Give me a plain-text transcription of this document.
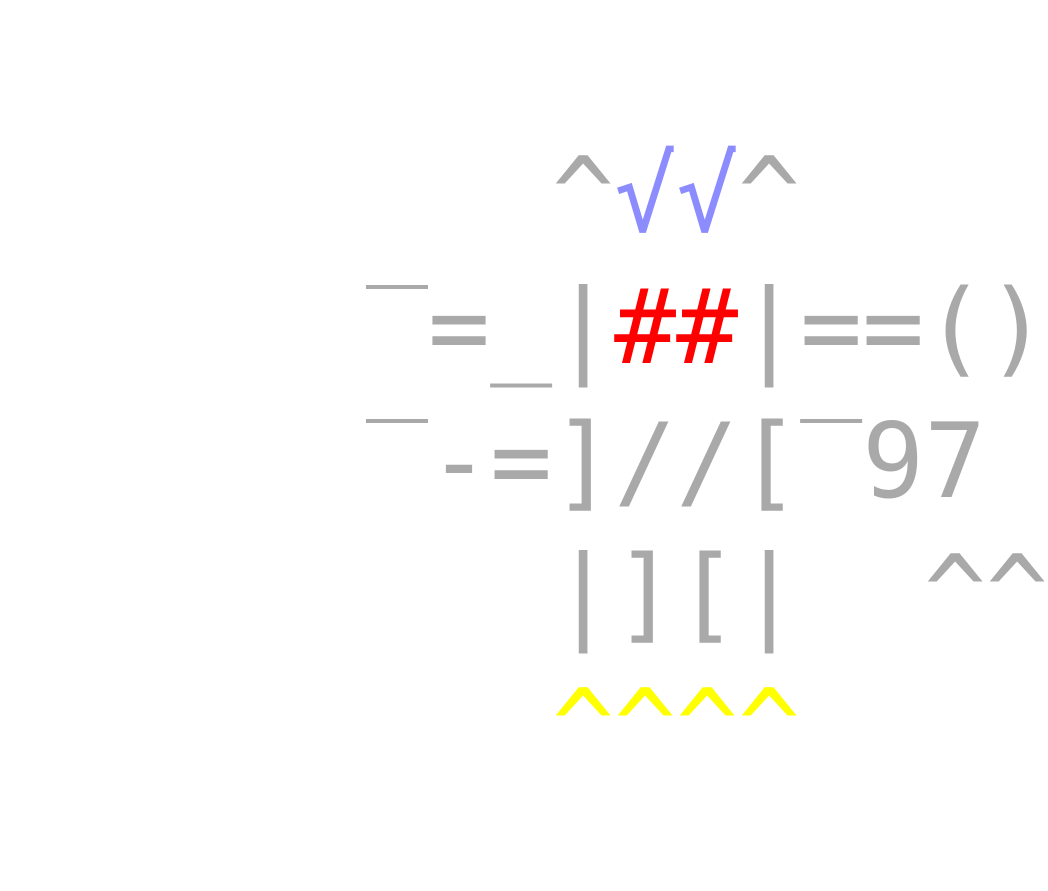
^√√^

‾=_|##|==()

‾-=]//[‾97

|][|  ^^

^^^^
